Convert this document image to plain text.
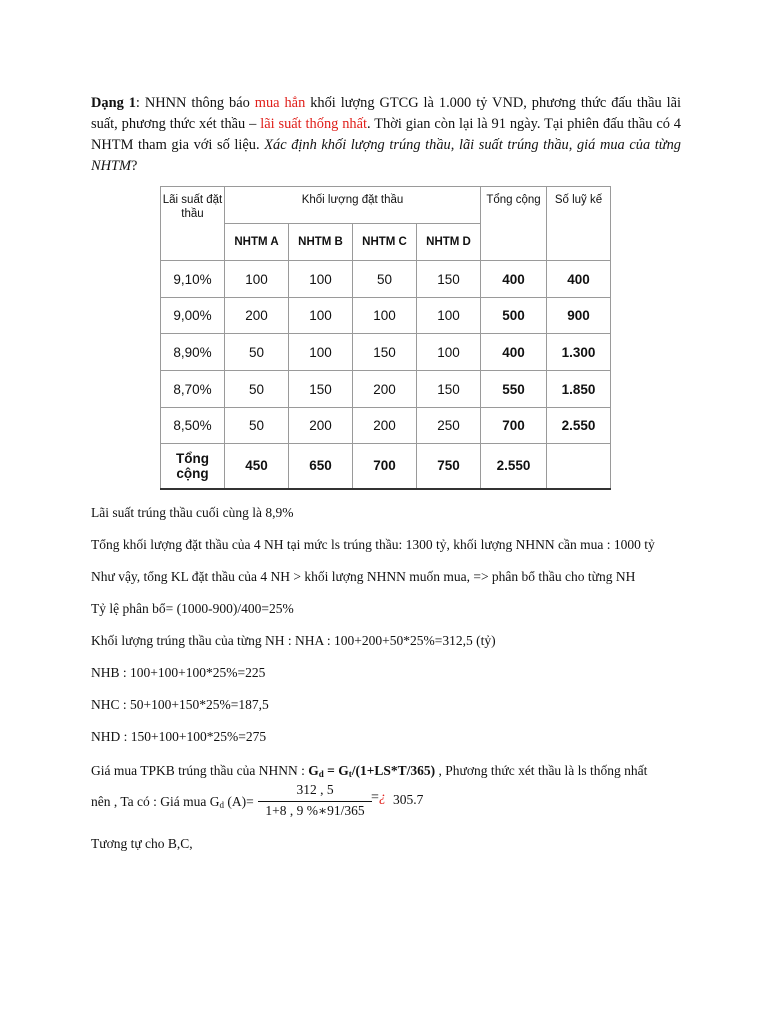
Dạng 1: NHNN thông báo mua hẳn khối lượng GTCG là 1.000 tỷ VND, phương thức đấu thầu lãi suất, phương thức xét thầu – lãi suất thống nhất. Thời gian còn lại là 91 ngày. Tại phiên đấu thầu có 4 NHTM tham gia với số liệu. Xác định khối lượng trúng thầu, lãi suất trúng thầu, giá mua của từng NHTM?
Lãi suất đặt thầu	Khối lượng đặt thầu				Tổng cộng	Số luỹ kế
	NHTM A	NHTM B	NHTM C	NHTM D		
9,10%	100	100	50	150	400	400
9,00%	200	100	100	100	500	900
8,90%	50	100	150	100	400	1.300
8,70%	50	150	200	150	550	1.850
8,50%	50	200	200	250	700	2.550
Tổng cộng	450	650	700	750	2.550	
Lãi suất trúng thầu cuối cùng là 8,9%
Tổng khối lượng đặt thầu của 4 NH tại mức ls trúng thầu: 1300 tỷ, khối lượng NHNN cần mua : 1000 tỷ
Như vậy, tổng KL đặt thầu của 4 NH > khối lượng NHNN muốn mua, => phân bổ thầu cho từng NH
Tỷ lệ phân bổ= (1000-900)/400=25%
Khối lượng trúng thầu của từng NH : NHA : 100+200+50*25%=312,5 (tỷ)
NHB : 100+100+100*25%=225
NHC : 50+100+150*25%=187,5
NHD : 150+100+100*25%=275
Giá mua TPKB trúng thầu của NHNN : Gd = Gt/(1+LS*T/365) , Phương thức xét thầu là ls thống nhất
nên , Ta có : Giá mua Gd (A)=
312 , 5
1+8 , 9 %∗91/365
=¿ 305.7
Tương tự cho B,C,
